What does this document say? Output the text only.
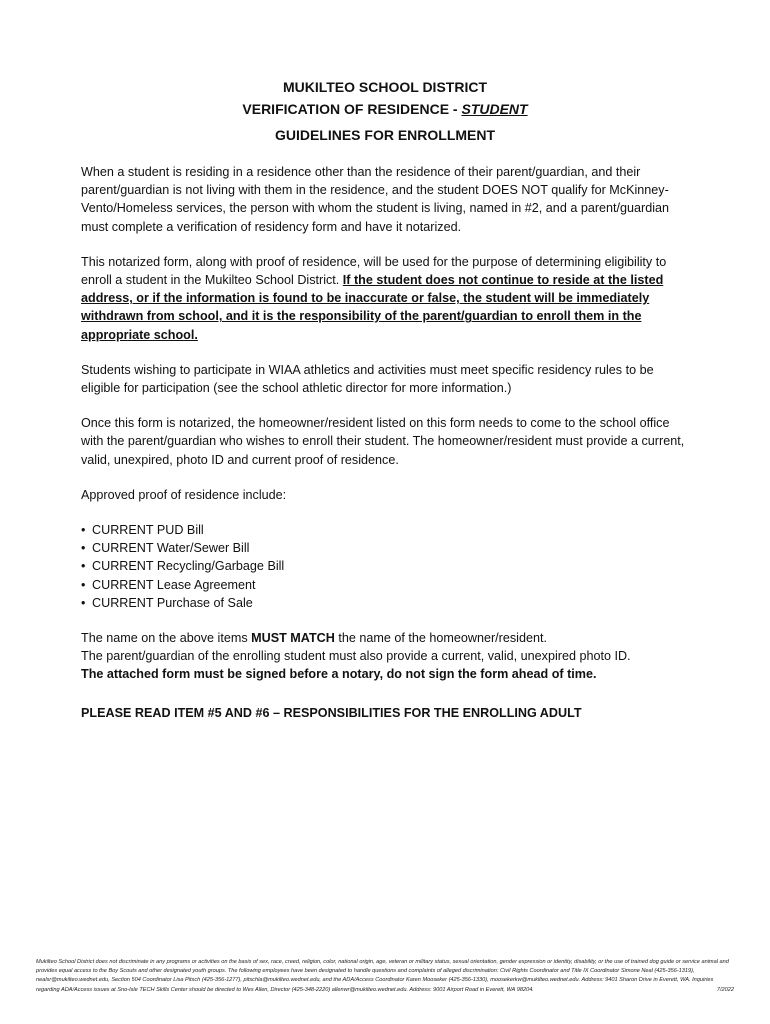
MUKILTEO SCHOOL DISTRICT
VERIFICATION OF RESIDENCE - STUDENT
GUIDELINES FOR ENROLLMENT

When a student is residing in a residence other than the residence of their parent/guardian, and their parent/guardian is not living with them in the residence, and the student DOES NOT qualify for McKinney-Vento/Homeless services, the person with whom the student is living, named in #2, and a parent/guardian must complete a verification of residency form and have it notarized.

This notarized form, along with proof of residence, will be used for the purpose of determining eligibility to enroll a student in the Mukilteo School District. If the student does not continue to reside at the listed address, or if the information is found to be inaccurate or false, the student will be immediately withdrawn from school, and it is the responsibility of the parent/guardian to enroll them in the appropriate school.

Students wishing to participate in WIAA athletics and activities must meet specific residency rules to be eligible for participation (see the school athletic director for more information.)

Once this form is notarized, the homeowner/resident listed on this form needs to come to the school office with the parent/guardian who wishes to enroll their student. The homeowner/resident must provide a current, valid, unexpired, photo ID and current proof of residence.

Approved proof of residence include:

• CURRENT PUD Bill
• CURRENT Water/Sewer Bill
• CURRENT Recycling/Garbage Bill
• CURRENT Lease Agreement
• CURRENT Purchase of Sale
The name on the above items MUST MATCH the name of the homeowner/resident.
The parent/guardian of the enrolling student must also provide a current, valid, unexpired photo ID.
The attached form must be signed before a notary, do not sign the form ahead of time.
PLEASE READ ITEM #5 AND #6 – RESPONSIBILITIES FOR THE ENROLLING ADULT
Mukilteo School District does not discriminate in any programs or activities on the basis of sex, race, creed, religion, color, national origin, age, veteran or military status, sexual orientation, gender expression or identity, disability, or the use of trained dog guide or service animal and provides equal access to the Boy Scouts and other designated youth groups. The following employees have been designated to handle questions and complaints of alleged discrimination: Civil Rights Coordinator and Title IX Coordinator Simone Neal (425-356-1319), nealsr@mukilteo.wednet.edu, Section 504 Coordinator Lisa Pitsch (425-356-1277), pitschla@mukilteo.wednet.edu, and the ADA/Access Coordinator Karen Mooseker (425-356-1330), moosekerkw@mukilteo.wednet.edu. Address: 9401 Sharon Drive in Everett, WA. Inquiries regarding ADA/Access issues at Sno-Isle TECH Skills Center should be directed to Wes Allen, Director (425-348-2220) allenwr@mukilteo.wednet.edu. Address: 9001 Airport Road in Everett, WA 98204.	7/2022
